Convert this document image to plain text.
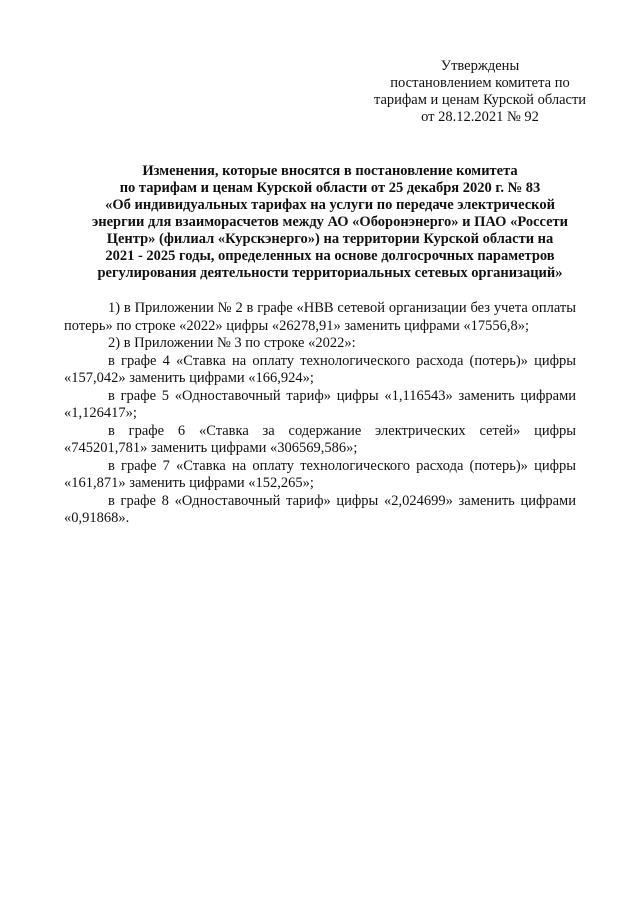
Утверждены
постановлением комитета по
тарифам и ценам Курской области
от 28.12.2021 № 92
Изменения, которые вносятся в постановление комитета
по тарифам и ценам Курской области от 25 декабря 2020 г. № 83
«Об индивидуальных тарифах на услуги по передаче электрической
энергии для взаиморасчетов между АО «Оборонэнерго» и ПАО «Россети
Центр» (филиал «Курскэнерго») на территории Курской области на
2021 - 2025 годы, определенных на основе долгосрочных параметров
регулирования деятельности территориальных сетевых организаций»

1) в Приложении № 2 в графе «НВВ сетевой организации без учета оплаты потерь» по строке «2022» цифры «26278,91» заменить цифрами «17556,8»;

2) в Приложении № 3 по строке «2022»:

в графе 4 «Ставка на оплату технологического расхода (потерь)» цифры «157,042» заменить цифрами «166,924»;

в графе 5 «Одноставочный тариф» цифры «1,116543» заменить цифрами «1,126417»;

в графе 6 «Ставка за содержание электрических сетей» цифры «745201,781» заменить цифрами «306569,586»;

в графе 7 «Ставка на оплату технологического расхода (потерь)» цифры «161,871» заменить цифрами «152,265»;

в графе 8 «Одноставочный тариф» цифры «2,024699» заменить цифрами «0,91868».
